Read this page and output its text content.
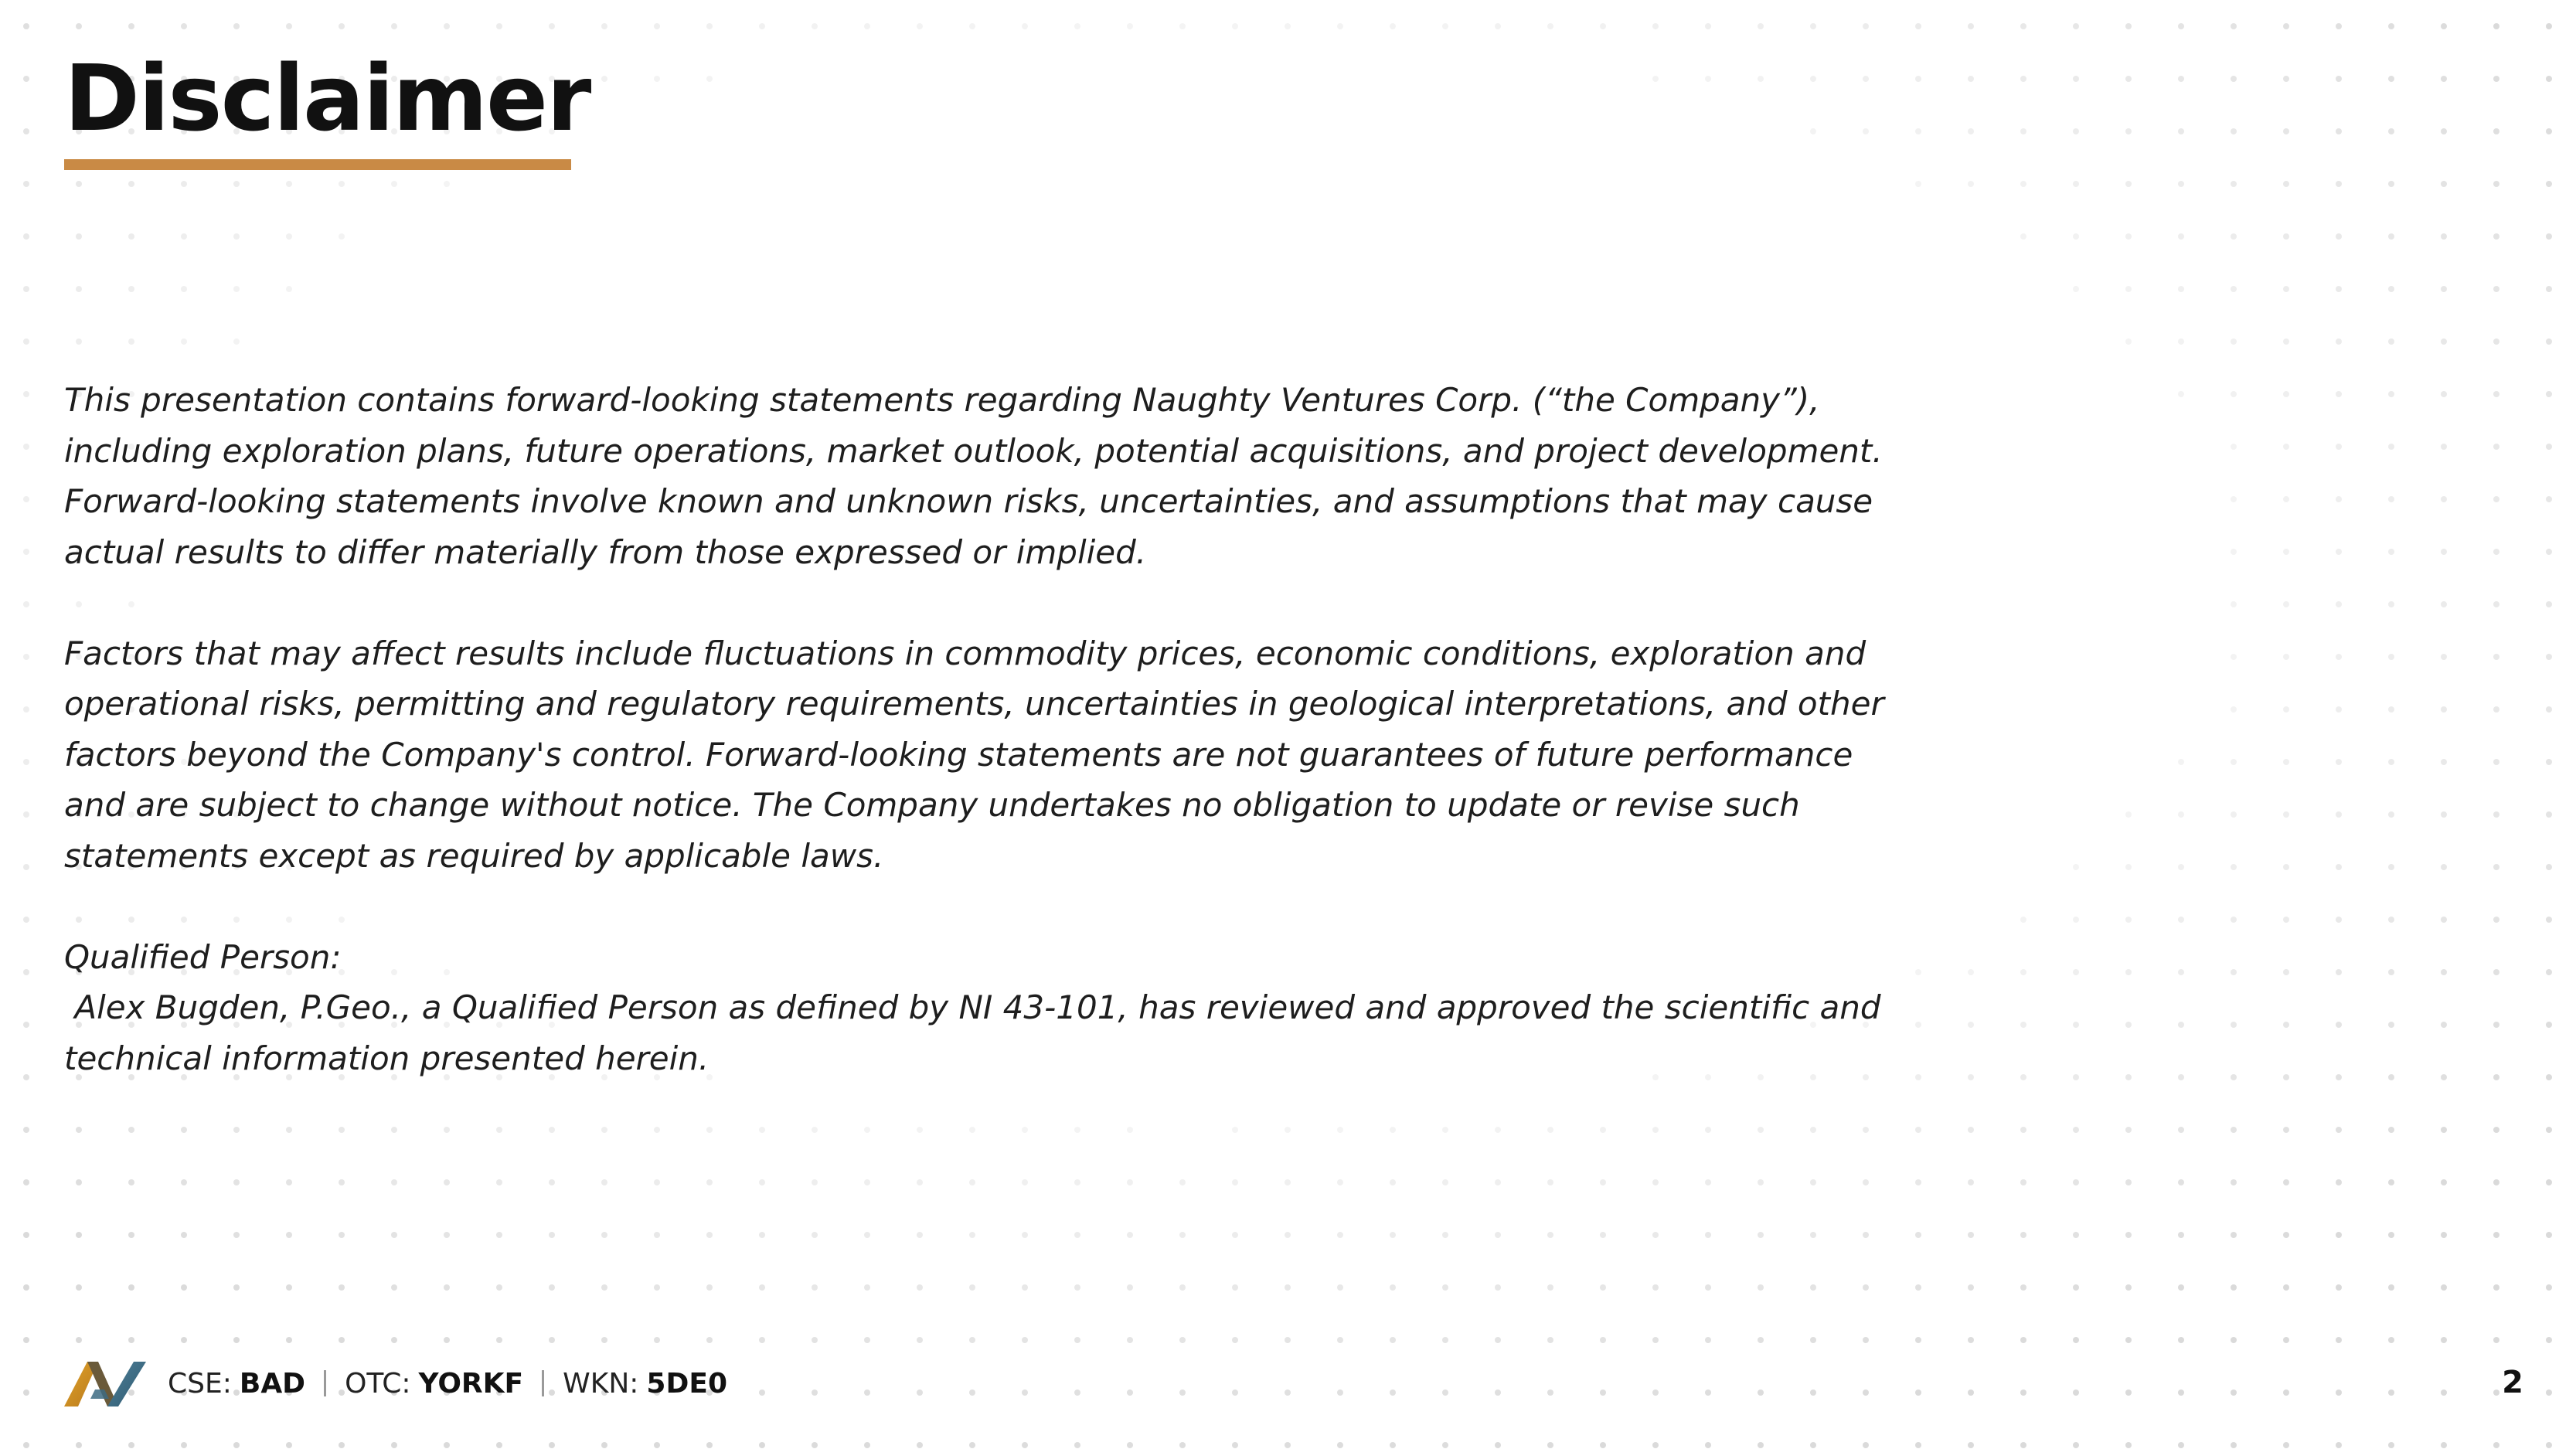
Disclaimer

This presentation contains forward-looking statements regarding Naughty Ventures Corp. (“the Company”), including exploration plans, future operations, market outlook, potential acquisitions, and project development. Forward-looking statements involve known and unknown risks, uncertainties, and assumptions that may cause actual results to differ materially from those expressed or implied.

Factors that may affect results include fluctuations in commodity prices, economic conditions, exploration and operational risks, permitting and regulatory requirements, uncertainties in geological interpretations, and other factors beyond the Company's control. Forward-looking statements are not guarantees of future performance and are subject to change without notice. The Company undertakes no obligation to update or revise such statements except as required by applicable laws.

Qualified Person:

Alex Bugden, P.Geo., a Qualified Person as defined by NI 43-101, has reviewed and approved the scientific and technical information presented herein.

CSE: BAD OTC: YORKF WKN: 5DE0	2
